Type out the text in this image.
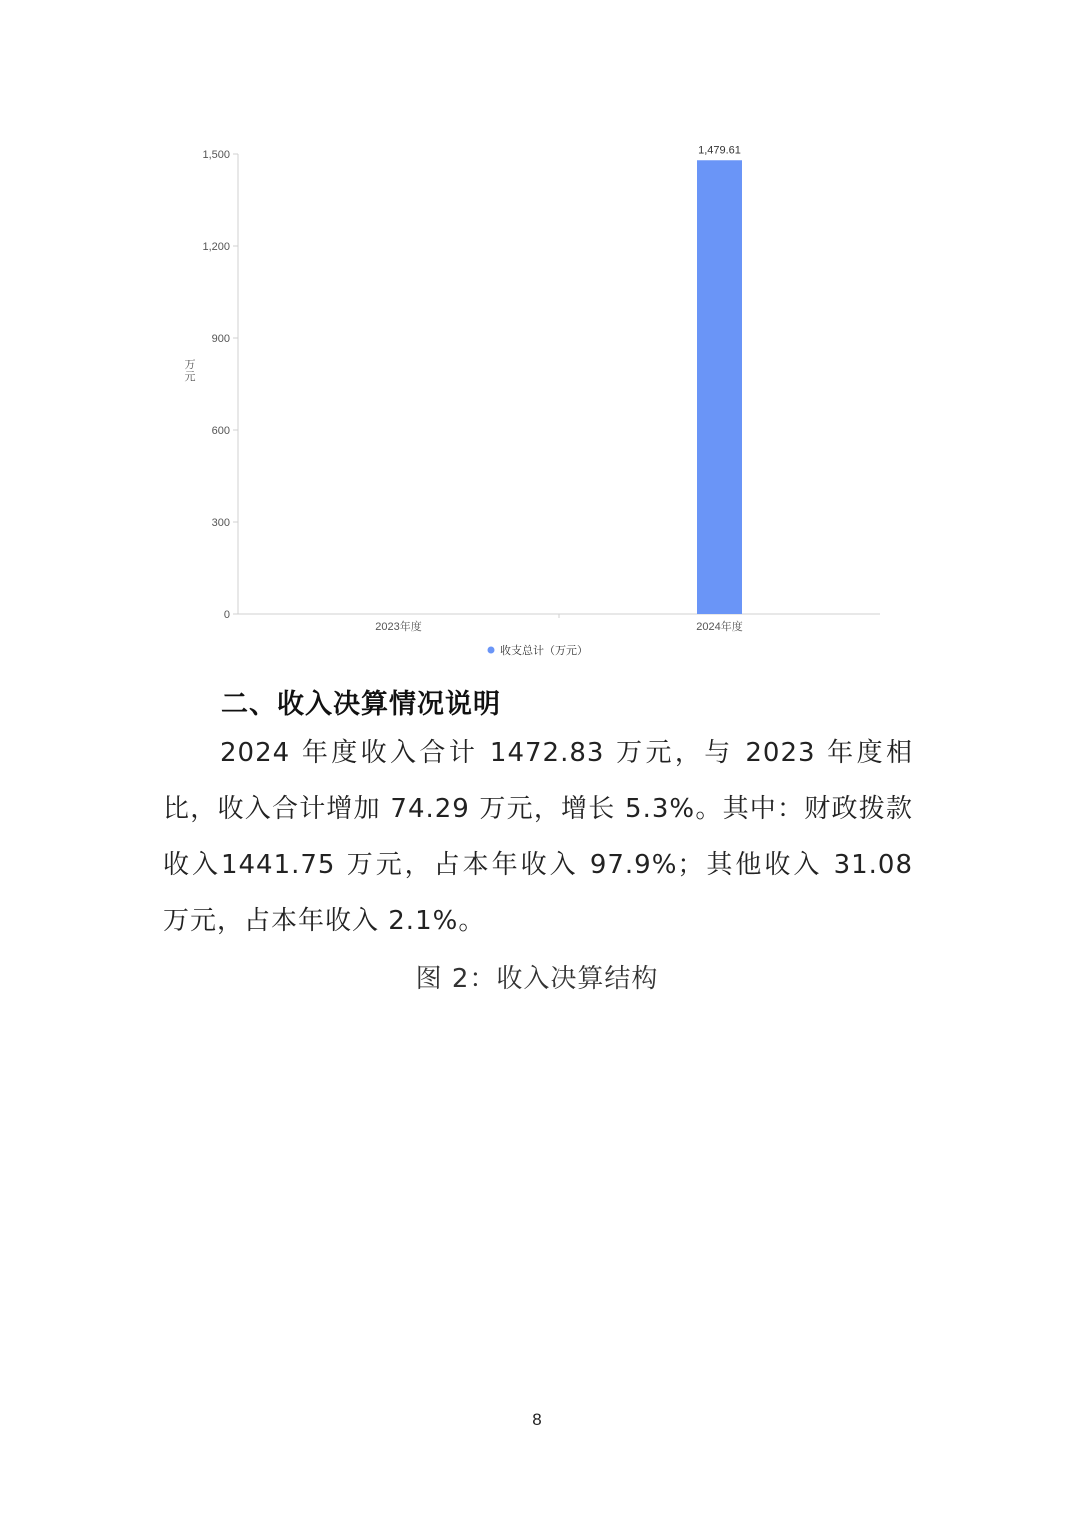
0
300
600
900
1,200
1,500
万元
2023年度	2024年度
1,479.61
收支总计（万元）
二、收入决算情况说明

2024 年度收入合计 1472.83 万元，与 2023 年度相比，收入合计增加 74.29 万元，增长 5.3%。其中：财政拨款收入1441.75 万元，占本年收入 97.9%；其他收入 31.08 万元，占本年收入 2.1%。

图 2：收入决算结构

8
